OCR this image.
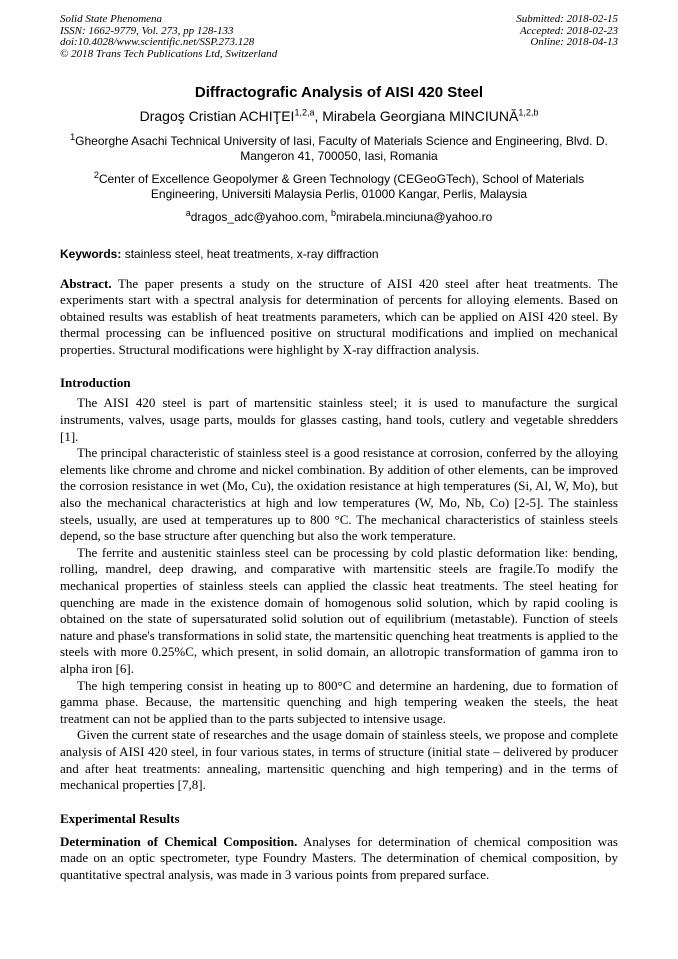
Solid State Phenomena
ISSN: 1662-9779, Vol. 273, pp 128-133
doi:10.4028/www.scientific.net/SSP.273.128
© 2018 Trans Tech Publications Ltd, Switzerland
Submitted: 2018-02-15
Accepted: 2018-02-23
Online: 2018-04-13
Diffractografic Analysis of AISI 420 Steel
Dragoş Cristian ACHIŢEI$^{1,2,a}$, Mirabela Georgiana MINCIUNĂ$^{1,2,b}$
$^1$Gheorghe Asachi Technical University of Iasi, Faculty of Materials Science and Engineering, Blvd. D. Mangeron 41, 700050, Iasi, Romania
$^2$Center of Excellence Geopolymer & Green Technology (CEGeoGTech), School of Materials Engineering, Universiti Malaysia Perlis, 01000 Kangar, Perlis, Malaysia
$^a$dragos_adc@yahoo.com, $^b$mirabela.minciuna@yahoo.ro
Keywords: stainless steel, heat treatments, x-ray diffraction

Abstract. The paper presents a study on the structure of AISI 420 steel after heat treatments. The experiments start with a spectral analysis for determination of percents for alloying elements. Based on obtained results was establish of heat treatments parameters, which can be applied on AISI 420 steel. By thermal processing can be influenced positive on structural modifications and implied on mechanical properties. Structural modifications were highlight by X-ray diffraction analysis.

Introduction

The AISI 420 steel is part of martensitic stainless steel; it is used to manufacture the surgical instruments, valves, usage parts, moulds for glasses casting, hand tools, cutlery and vegetable shredders [1].

The principal characteristic of stainless steel is a good resistance at corrosion, conferred by the alloying elements like chrome and chrome and nickel combination. By addition of other elements, can be improved the corrosion resistance in wet (Mo, Cu), the oxidation resistance at high temperatures (Si, Al, W, Mo), but also the mechanical characteristics at high and low temperatures (W, Mo, Nb, Co) [2-5]. The stainless steels, usually, are used at temperatures up to 800 °C. The mechanical characteristics of stainless steels depend, so the base structure after quenching but also the work temperature.

The ferrite and austenitic stainless steel can be processing by cold plastic deformation like: bending, rolling, mandrel, deep drawing, and comparative with martensitic steels are fragile.To modify the mechanical properties of stainless steels can applied the classic heat treatments. The steel heating for quenching are made in the existence domain of homogenous solid solution, which by rapid cooling is obtained on the state of supersaturated solid solution out of equilibrium (metastable). Function of steels nature and phase's transformations in solid state, the martensitic quenching heat treatments is applied to the steels with more 0.25%C, which present, in solid domain, an allotropic transformation of gamma iron to alpha iron [6].

The high tempering consist in heating up to 800°C and determine an hardening, due to formation of gamma phase. Because, the martensitic quenching and high tempering weaken the steels, the heat treatment can not be applied than to the parts subjected to intensive usage.

Given the current state of researches and the usage domain of stainless steels, we propose and complete analysis of AISI 420 steel, in four various states, in terms of structure (initial state – delivered by producer and after heat treatments: annealing, martensitic quenching and high tempering) and in the terms of mechanical properties [7,8].

Experimental Results

Determination of Chemical Composition. Analyses for determination of chemical composition was made on an optic spectrometer, type Foundry Masters. The determination of chemical composition, by quantitative spectral analysis, was made in 3 various points from prepared surface.
